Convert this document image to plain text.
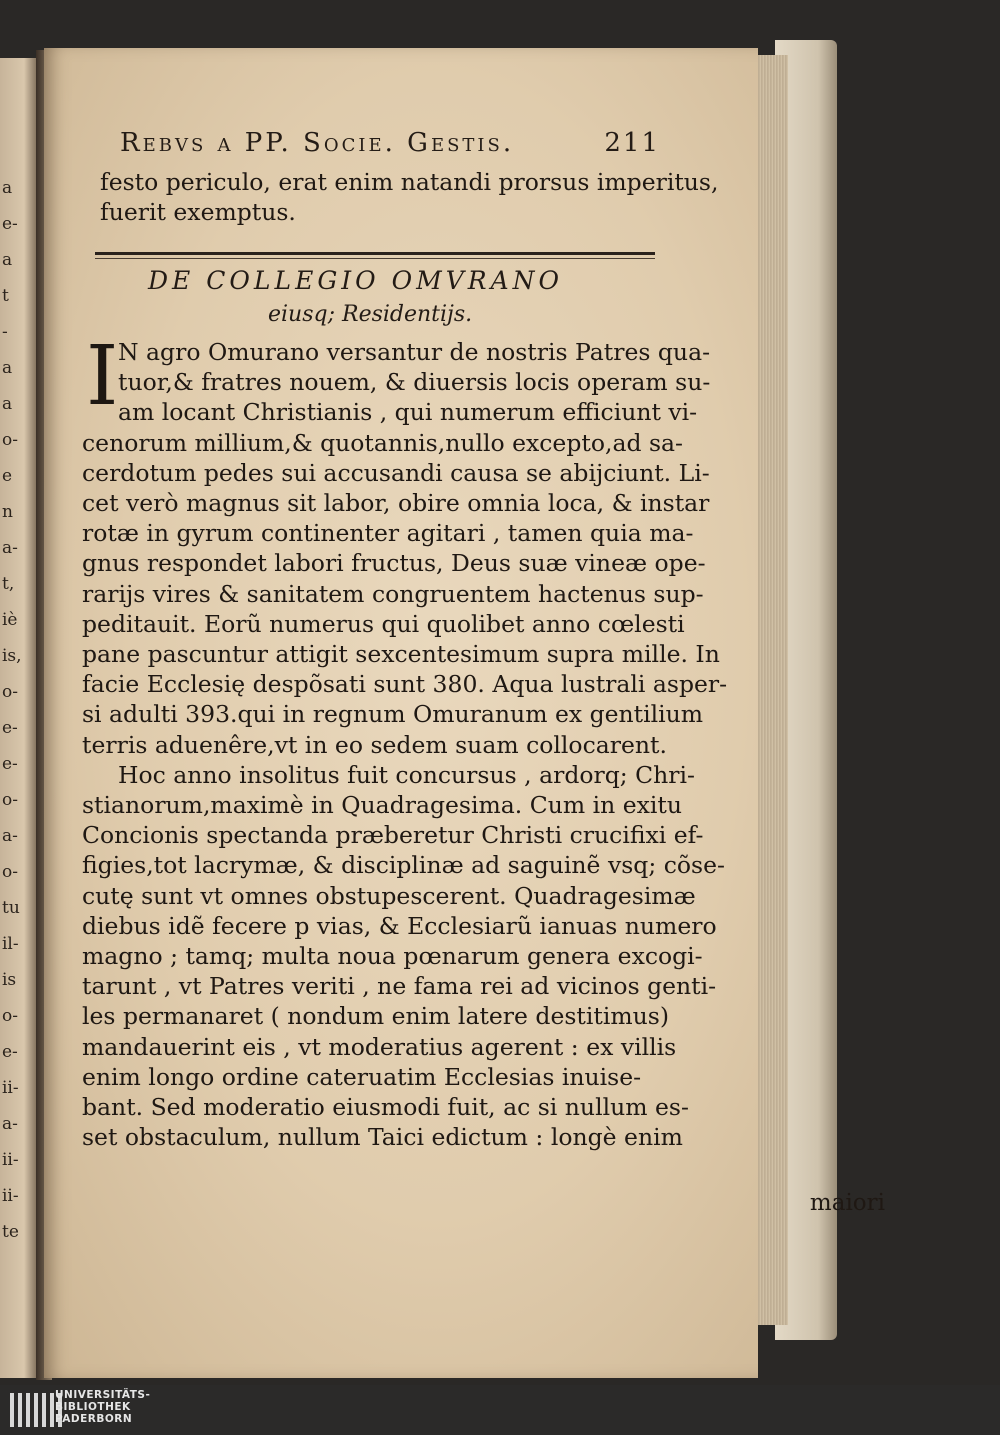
a
e-
a
t
-
a
a
o-
e
n
a-
t,
iè
is,
o-
e-
e-
o-
a-
o-
tu
il-
is
o-
e-
ii-
a-
ii-
ii-
te
Rebvs a PP. Socie. Gestis.	211
festo periculo, erat enim natandi prorsus imperitus,
fuerit exemptus.
DE COLLEGIO OMVRANO
eiusq; Residentijs.
I N agro Omurano versantur de nostris Patres qua-
tuor,& fratres nouem, & diuersis locis operam su-
am locant Christianis , qui numerum efficiunt vi-
cenorum millium,& quotannis,nullo excepto,ad sa-
cerdotum pedes sui accusandi causa se abijciunt. Li-
cet verò magnus sit labor, obire omnia loca, & instar
rotæ in gyrum continenter agitari , tamen quia ma-
gnus respondet labori fructus, Deus suæ vineæ ope-
rarijs vires & sanitatem congruentem hactenus sup-
peditauit. Eorũ numerus qui quolibet anno cœlesti
pane pascuntur attigit sexcentesimum supra mille. In
facie Ecclesię despõsati sunt 380. Aqua lustrali asper-
si adulti 393.qui in regnum Omuranum ex gentilium
terris aduenêre,vt in eo sedem suam collocarent.
Hoc anno insolitus fuit concursus , ardorq; Chri-
stianorum,maximè in Quadragesima. Cum in exitu
Concionis spectanda præberetur Christi crucifixi ef-
figies,tot lacrymæ, & disciplinæ ad saguinẽ vsq; cõse-
cutę sunt vt omnes obstupescerent. Quadragesimæ
diebus idẽ fecere p vias, & Ecclesiarũ ianuas numero
magno ; tamq; multa noua pœnarum genera excogi-
tarunt , vt Patres veriti , ne fama rei ad vicinos genti-
les permanaret ( nondum enim latere destitimus)
mandauerint eis , vt moderatius agerent : ex villis
enim longo ordine cateruatim Ecclesias inuise-
bant. Sed moderatio eiusmodi fuit, ac si nullum es-
set obstaculum, nullum Taici edictum : longè enim
maiori
UNIVERSITÄTS-
BIBLIOTHEK
PADERBORN
